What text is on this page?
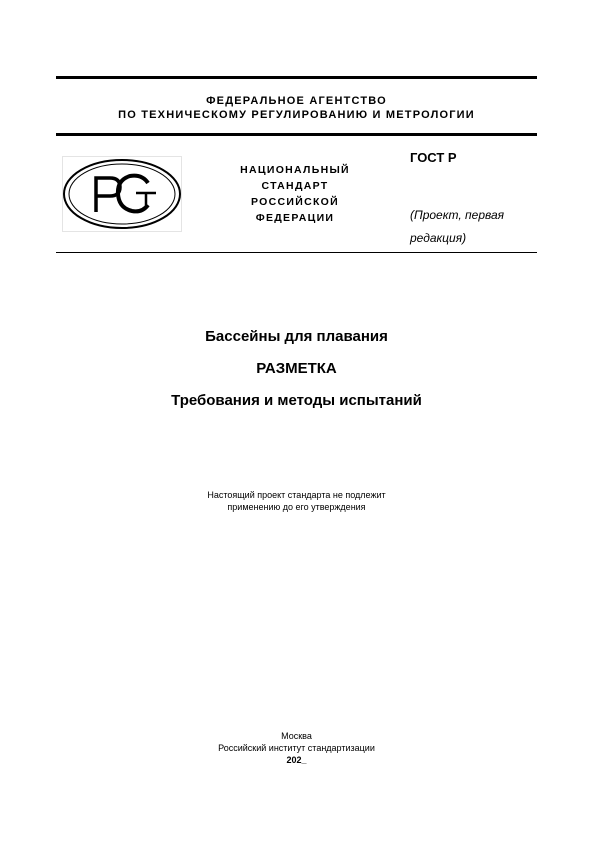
ФЕДЕРАЛЬНОЕ АГЕНТСТВО
ПО ТЕХНИЧЕСКОМУ РЕГУЛИРОВАНИЮ И МЕТРОЛОГИИ
НАЦИОНАЛЬНЫЙ
СТАНДАРТ
РОССИЙСКОЙ
ФЕДЕРАЦИИ
ГОСТ Р
(Проект, первая
редакция)
Бассейны для плавания
РАЗМЕТКА
Требования и методы испытаний
Настоящий проект стандарта не подлежит
применению до его утверждения
Москва
Российский институт стандартизации
202_
